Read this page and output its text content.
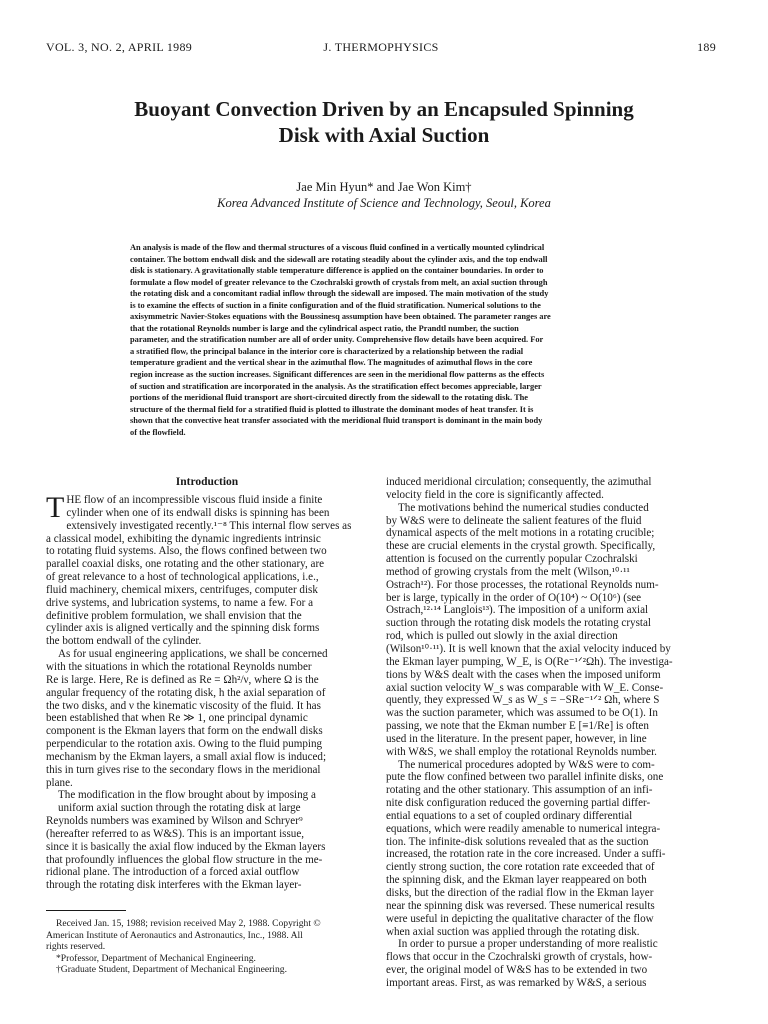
VOL. 3, NO. 2, APRIL 1989	J. THERMOPHYSICS	189
Buoyant Convection Driven by an Encapsuled Spinning
Disk with Axial Suction
Jae Min Hyun* and Jae Won Kim†
Korea Advanced Institute of Science and Technology, Seoul, Korea
An analysis is made of the flow and thermal structures of a viscous fluid confined in a vertically mounted cylindrical
container. The bottom endwall disk and the sidewall are rotating steadily about the cylinder axis, and the top endwall
disk is stationary. A gravitationally stable temperature difference is applied on the container boundaries. In order to
formulate a flow model of greater relevance to the Czochralski growth of crystals from melt, an axial suction through
the rotating disk and a concomitant radial inflow through the sidewall are imposed. The main motivation of the study
is to examine the effects of suction in a finite configuration and of the fluid stratification. Numerical solutions to the
axisymmetric Navier-Stokes equations with the Boussinesq assumption have been obtained. The parameter ranges are
that the rotational Reynolds number is large and the cylindrical aspect ratio, the Prandtl number, the suction
parameter, and the stratification number are all of order unity. Comprehensive flow details have been acquired. For
a stratified flow, the principal balance in the interior core is characterized by a relationship between the radial
temperature gradient and the vertical shear in the azimuthal flow. The magnitudes of azimuthal flows in the core
region increase as the suction increases. Significant differences are seen in the meridional flow patterns as the effects
of suction and stratification are incorporated in the analysis. As the stratification effect becomes appreciable, larger
portions of the meridional fluid transport are short-circuited directly from the sidewall to the rotating disk. The
structure of the thermal field for a stratified fluid is plotted to illustrate the dominant modes of heat transfer. It is
shown that the convective heat transfer associated with the meridional fluid transport is dominant in the main body
of the flowfield.
Introduction
T HE flow of an incompressible viscous fluid inside a finite
cylinder when one of its endwall disks is spinning has been
extensively investigated recently.¹⁻⁸ This internal flow serves as
a classical model, exhibiting the dynamic ingredients intrinsic
to rotating fluid systems. Also, the flows confined between two
parallel coaxial disks, one rotating and the other stationary, are
of great relevance to a host of technological applications, i.e.,
fluid machinery, chemical mixers, centrifuges, computer disk
drive systems, and lubrication systems, to name a few. For a
definitive problem formulation, we shall envision that the
cylinder axis is aligned vertically and the spinning disk forms
the bottom endwall of the cylinder.
As for usual engineering applications, we shall be concerned
with the situations in which the rotational Reynolds number
Re is large. Here, Re is defined as Re = Ωh²/ν, where Ω is the
angular frequency of the rotating disk, h the axial separation of
the two disks, and ν the kinematic viscosity of the fluid. It has
been established that when Re ≫ 1, one principal dynamic
component is the Ekman layers that form on the endwall disks
perpendicular to the rotation axis. Owing to the fluid pumping
mechanism by the Ekman layers, a small axial flow is induced;
this in turn gives rise to the secondary flows in the meridional
plane.
The modification in the flow brought about by imposing a
uniform axial suction through the rotating disk at large
Reynolds numbers was examined by Wilson and Schryer⁹
(hereafter referred to as W&S). This is an important issue,
since it is basically the axial flow induced by the Ekman layers
that profoundly influences the global flow structure in the me-
ridional plane. The introduction of a forced axial outflow
through the rotating disk interferes with the Ekman layer-
induced meridional circulation; consequently, the azimuthal
velocity field in the core is significantly affected.
The motivations behind the numerical studies conducted
by W&S were to delineate the salient features of the fluid
dynamical aspects of the melt motions in a rotating crucible;
these are crucial elements in the crystal growth. Specifically,
attention is focused on the currently popular Czochralski
method of growing crystals from the melt (Wilson,¹⁰·¹¹
Ostrach¹²). For those processes, the rotational Reynolds num-
ber is large, typically in the order of O(10⁴) ~ O(10⁶) (see
Ostrach,¹²·¹⁴ Langlois¹³). The imposition of a uniform axial
suction through the rotating disk models the rotating crystal
rod, which is pulled out slowly in the axial direction
(Wilson¹⁰·¹¹). It is well known that the axial velocity induced by
the Ekman layer pumping, W_E, is O(Re⁻¹ᐟ²Ωh). The investiga-
tions by W&S dealt with the cases when the imposed uniform
axial suction velocity W_s was comparable with W_E. Conse-
quently, they expressed W_s as W_s = −SRe⁻¹ᐟ² Ωh, where S
was the suction parameter, which was assumed to be O(1). In
passing, we note that the Ekman number E [≡1/Re] is often
used in the literature. In the present paper, however, in line
with W&S, we shall employ the rotational Reynolds number.
The numerical procedures adopted by W&S were to com-
pute the flow confined between two parallel infinite disks, one
rotating and the other stationary. This assumption of an infi-
nite disk configuration reduced the governing partial differ-
ential equations to a set of coupled ordinary differential
equations, which were readily amenable to numerical integra-
tion. The infinite-disk solutions revealed that as the suction
increased, the rotation rate in the core increased. Under a suffi-
ciently strong suction, the core rotation rate exceeded that of
the spinning disk, and the Ekman layer reappeared on both
disks, but the direction of the radial flow in the Ekman layer
near the spinning disk was reversed. These numerical results
were useful in depicting the qualitative character of the flow
when axial suction was applied through the rotating disk.
In order to pursue a proper understanding of more realistic
flows that occur in the Czochralski growth of crystals, how-
ever, the original model of W&S has to be extended in two
important areas. First, as was remarked by W&S, a serious
Received Jan. 15, 1988; revision received May 2, 1988. Copyright ©
American Institute of Aeronautics and Astronautics, Inc., 1988. All
rights reserved.
*Professor, Department of Mechanical Engineering.
†Graduate Student, Department of Mechanical Engineering.
